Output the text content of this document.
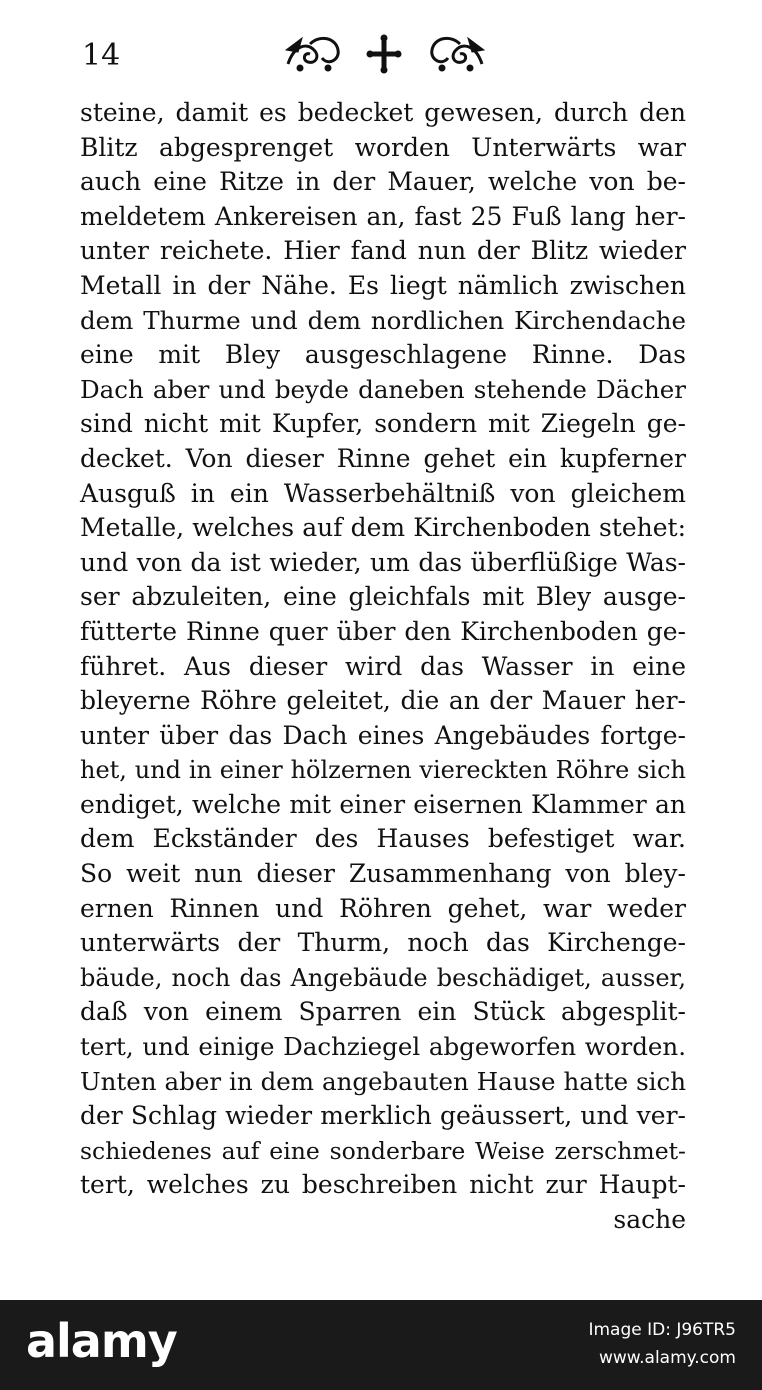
14
steine, damit es bedecket gewesen, durch den
Blitz abgesprenget worden Unterwärts war
auch eine Ritze in der Mauer, welche von be-
meldetem Ankereisen an, fast 25 Fuß lang her-
unter reichete. Hier fand nun der Blitz wieder
Metall in der Nähe. Es liegt nämlich zwischen
dem Thurme und dem nordlichen Kirchendache
eine mit Bley ausgeschlagene Rinne. Das
Dach aber und beyde daneben stehende Dächer
sind nicht mit Kupfer, sondern mit Ziegeln ge-
decket. Von dieser Rinne gehet ein kupferner
Ausguß in ein Wasserbehältniß von gleichem
Metalle, welches auf dem Kirchenboden stehet:
und von da ist wieder, um das überflüßige Was-
ser abzuleiten, eine gleichfals mit Bley ausge-
fütterte Rinne quer über den Kirchenboden ge-
führet. Aus dieser wird das Wasser in eine
bleyerne Röhre geleitet, die an der Mauer her-
unter über das Dach eines Angebäudes fortge-
het, und in einer hölzernen viereckten Röhre sich
endiget, welche mit einer eisernen Klammer an
dem Eckständer des Hauses befestiget war.
So weit nun dieser Zusammenhang von bley-
ernen Rinnen und Röhren gehet, war weder
unterwärts der Thurm, noch das Kirchenge-
bäude, noch das Angebäude beschädiget, ausser,
daß von einem Sparren ein Stück abgesplit-
tert, und einige Dachziegel abgeworfen worden.
Unten aber in dem angebauten Hause hatte sich
der Schlag wieder merklich geäussert, und ver-
schiedenes auf eine sonderbare Weise zerschmet-
tert, welches zu beschreiben nicht zur Haupt-
sache
alamy	Image ID: J96TR5
www.alamy.com
